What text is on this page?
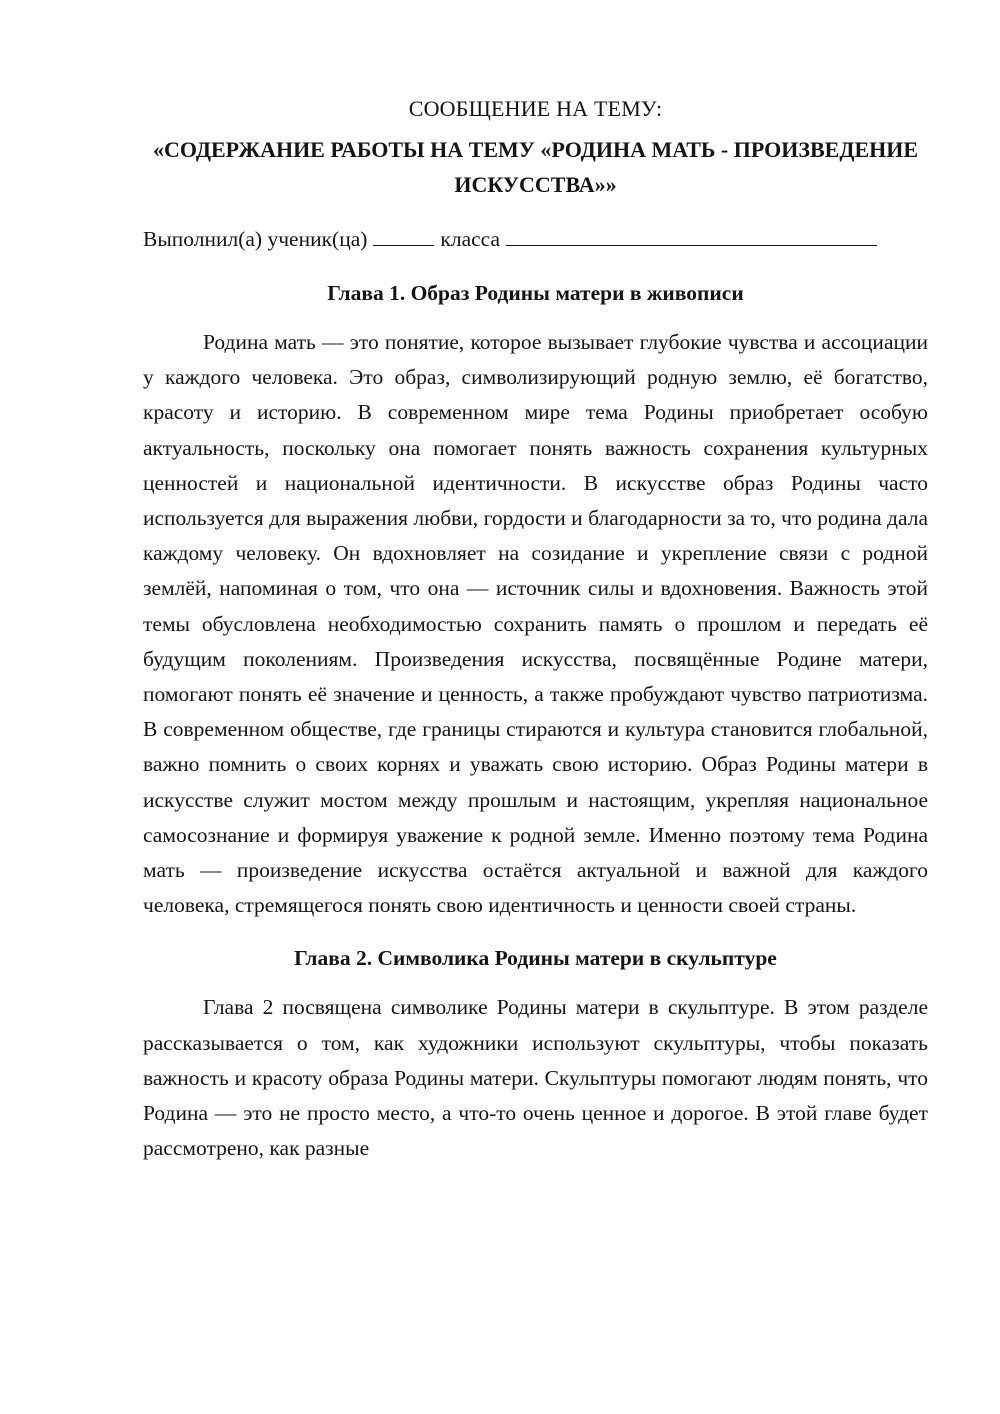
СООБЩЕНИЕ НА ТЕМУ:

«СОДЕРЖАНИЕ РАБОТЫ НА ТЕМУ «РОДИНА МАТЬ - ПРОИЗВЕДЕНИЕ ИСКУССТВА»»

Выполнил(а) ученик(ца)	класса

Глава 1. Образ Родины матери в живописи

Родина мать — это понятие, которое вызывает глубокие чувства и ассоциации у каждого человека. Это образ, символизирующий родную землю, её богатство, красоту и историю. В современном мире тема Родины приобретает особую актуальность, поскольку она помогает понять важность сохранения культурных ценностей и национальной идентичности. В искусстве образ Родины часто используется для выражения любви, гордости и благодарности за то, что родина дала каждому человеку. Он вдохновляет на созидание и укрепление связи с родной землёй, напоминая о том, что она — источник силы и вдохновения. Важность этой темы обусловлена необходимостью сохранить память о прошлом и передать её будущим поколениям. Произведения искусства, посвящённые Родине матери, помогают понять её значение и ценность, а также пробуждают чувство патриотизма. В современном обществе, где границы стираются и культура становится глобальной, важно помнить о своих корнях и уважать свою историю. Образ Родины матери в искусстве служит мостом между прошлым и настоящим, укрепляя национальное самосознание и формируя уважение к родной земле. Именно поэтому тема Родина мать — произведение искусства остаётся актуальной и важной для каждого человека, стремящегося понять свою идентичность и ценности своей страны.

Глава 2. Символика Родины матери в скульптуре

Глава 2 посвящена символике Родины матери в скульптуре. В этом разделе рассказывается о том, как художники используют скульптуры, чтобы показать важность и красоту образа Родины матери. Скульптуры помогают людям понять, что Родина — это не просто место, а что-то очень ценное и дорогое. В этой главе будет рассмотрено, как разные
